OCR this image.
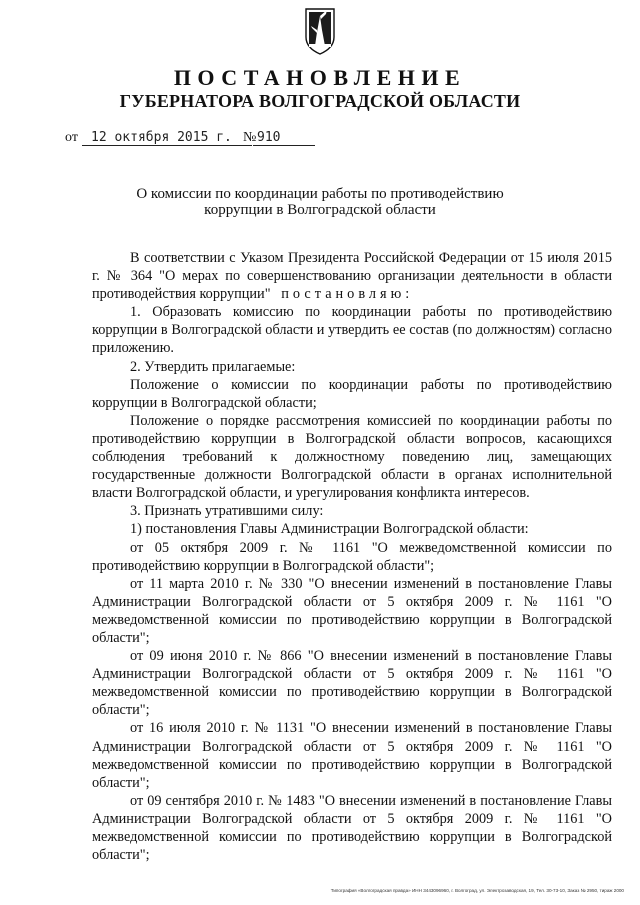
ПОСТАНОВЛЕНИЕ
ГУБЕРНАТОРА ВОЛГОГРАДСКОЙ ОБЛАСТИ
от 12 октября 2015 г. № 910
О комиссии по координации работы по противодействию
коррупции в Волгоградской области

В соответствии с Указом Президента Российской Федерации от 15 июля 2015 г. № 364 "О мерах по совершенствованию организации деятельности в области противодействия коррупции" постановляю:

1. Образовать комиссию по координации работы по противодействию коррупции в Волгоградской области и утвердить ее состав (по должностям) согласно приложению.

2. Утвердить прилагаемые:

Положение о комиссии по координации работы по противодействию коррупции в Волгоградской области;

Положение о порядке рассмотрения комиссией по координации работы по противодействию коррупции в Волгоградской области вопросов, касающихся соблюдения требований к должностному поведению лиц, замещающих государственные должности Волгоградской области в органах исполнительной власти Волгоградской области, и урегулирования конфликта интересов.

3. Признать утратившими силу:

1) постановления Главы Администрации Волгоградской области:

от 05 октября 2009 г. № 1161 "О межведомственной комиссии по противодействию коррупции в Волгоградской области";

от 11 марта 2010 г. № 330 "О внесении изменений в постановление Главы Администрации Волгоградской области от 5 октября 2009 г. № 1161 "О межведомственной комиссии по противодействию коррупции в Волгоградской области";

от 09 июня 2010 г. № 866 "О внесении изменений в постановление Главы Администрации Волгоградской области от 5 октября 2009 г. № 1161 "О межведомственной комиссии по противодействию коррупции в Волгоградской области";

от 16 июля 2010 г. № 1131 "О внесении изменений в постановление Главы Администрации Волгоградской области от 5 октября 2009 г. № 1161 "О межведомственной комиссии по противодействию коррупции в Волгоградской области";

от 09 сентября 2010 г. № 1483 "О внесении изменений в постановление Главы Администрации Волгоградской области от 5 октября 2009 г. № 1161 "О межведомственной комиссии по противодействию коррупции в Волгоградской области";

Типография «Волгоградская правда» ИНН 3443096960, г. Волгоград, ул. Электрозаводская, 19, Тел. 30-73-10, Заказ № 2950, тираж 2000
